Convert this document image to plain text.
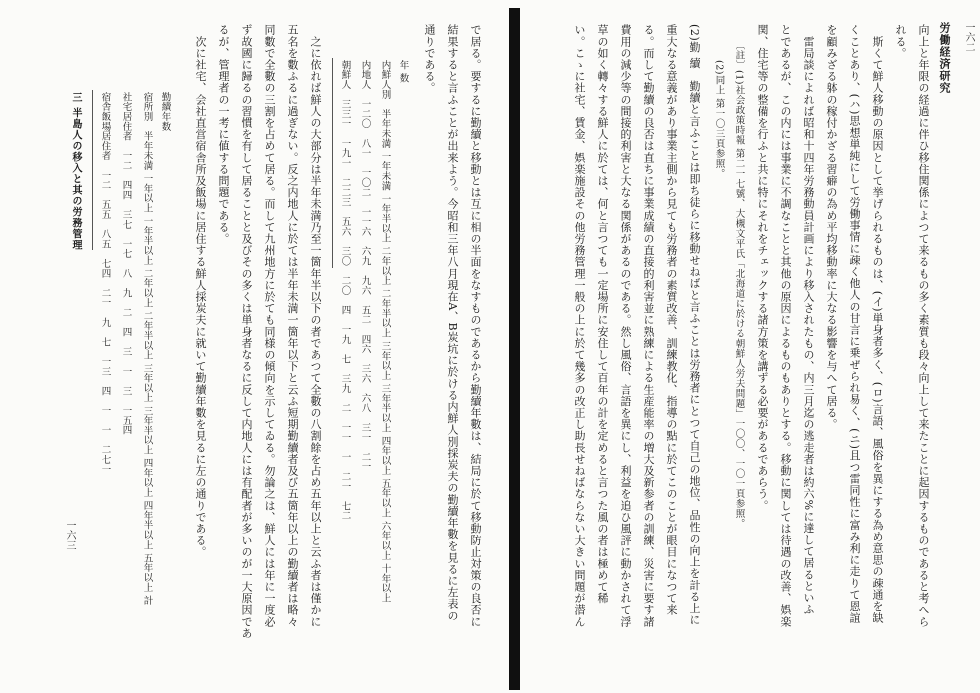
労働経済研究 一六二
向上と年限の経過に伴ひ移住関係によつて来るもの多く素質も段々向上して来たことに起因するものであると考へら
れる。
　斯くて鮮人移動の原因として挙げられるものは、(イ)単身者多く、(ロ)言語、風俗を異にする為め意思の疎通を缺
くことあり、(ハ)思想単純にして労働事情に疎く他人の甘言に乗ぜられ易く、(ニ)且つ雷同性に富み利に走りて恩誼
を顧みざる躰の稼付かざる習癖の為め平均移動率に大なる影響を与へて居る。
　雷局談によれば昭和十四年労務動員計画により移入されたもの、内三月迄の逃走者は約六%に達して居るといふ
とであるが、この内には事業に不調なことと其他の原因によるものもありとする。移動に関しては待遇の改善、娯楽
関、住宅等の整備を行ふと共に特にそれをチェックする諸方策を講ずる必要があるであらう。
〔註〕(1)社会政策時報 第二一七號、大槻文平氏「北海道に於ける朝鮮人労夫問題」一〇〇、一〇一頁参照。
　　(2)同上 第一〇三頁参照。
(2)勤 續　勤續と言ふことは即ち徒らに移動せねばと言ふことは労務者にとつて自己の地位、品性の向上を計る上に
重大なる意義があり事業主側から見ても労務者の素質改善、訓練教化、指導の點に於てこのことが眼目になつて来
る。而して勤續の良否は直ちに事業成績の直接的利害並に熟練による生産能率の増大及新参者の訓練、災害に要す諸
費用の減少等の間接的利害と大なる関係があるのである。然し風俗、言語を異にし、利益を追ひ風評に動かされて浮
草の如く轉々する鮮人に於ては、何と言つても一定場所に安住して百年の計を定めると言つた風の者は極めて稀
い。こゝに社宅、賃金、娯楽施設その他労務管理一般の上に於て幾多の改正し助長せねばならない大きい問題が潜ん
で居る。要するに勤續と移動とは互に相の半面をなすものであるから勤續年數は、結局に於て移動防止対策の良否に
結果すると言ふことが出来よう。今昭和三年八月現在A、B炭坑に於ける内鮮人別採炭夫の勤續年數を見るに左表の
通りである。
年 数
内鮮人別　半年未満 一年未満 一年半以上 二年以上 二年半以上 三年以上 三年半以上 四年以上 五年以上 六年以上 十年以上
内地人　一二〇　八一　一〇二　一一六　六九　九六　五二　四六　三六　六八　三一　二一
朝鮮人　三三一　一九一　二二三　五六　三〇　二〇　四　一九　七　三九　二　一一　一　二一　七二
　之に依れば鮮人の大部分は半年未満乃至一箇年半以下の者であつて全數の八割餘を占め五年以上と云ふ者は僅かに
五名を數ふるに過ぎない。反之内地人に於ては半年未満一箇年以下と云ふ短期勤續者及び五箇年以上の勤續者は略々
同數で全數の三割を占めて居る。而して九州地方に於ても同様の傾向を示してゐる。勿論之は、鮮人には年に一度必
ず故國に歸るの習慣を有して居ることと及びその多くは単身者なるに反して内地人には有配者が多いのが一大原因であ
るが、管理者の一考に値する問題である。
　次に社宅、会社直営宿舎所及飯場に居住する鮮人採炭夫に就いて勤續年數を見るに左の通りである。
勤續年数
宿所別　半年未満 一年以上 一年半以上 二年以上 二年半以上 三年以上 三年半以上 四年以上 四年半以上 五年以上 計
社宅居住者　一二　四四　三七　一七　八　九　二　四　三　一　三　一五四
宿舎飯場居住者　一二　五五　八五　七四　二一　九　七　一三　四　一　一　二七一
三 半島人の移入と其の労務管理
一六三
